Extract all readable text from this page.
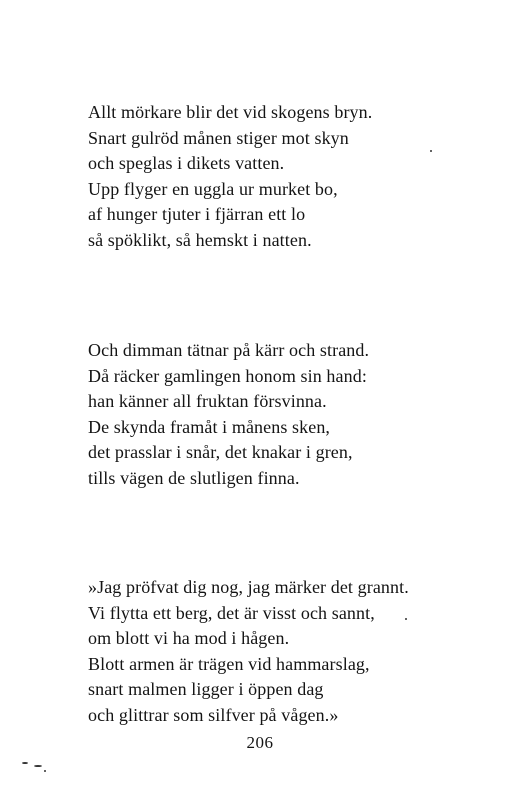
Allt mörkare blir det vid skogens bryn.
Snart gulröd månen stiger mot skyn
och speglas i dikets vatten.
Upp flyger en uggla ur murket bo,
af hunger tjuter i fjärran ett lo
så spöklikt, så hemskt i natten.
Och dimman tätnar på kärr och strand.
Då räcker gamlingen honom sin hand:
han känner all fruktan försvinna.
De skynda framåt i månens sken,
det prasslar i snår, det knakar i gren,
tills vägen de slutligen finna.
»Jag pröfvat dig nog, jag märker det grannt.
Vi flytta ett berg, det är visst och sannt,
om blott vi ha mod i hågen.
Blott armen är trägen vid hammarslag,
snart malmen ligger i öppen dag
och glittrar som silfver på vågen.»
206
